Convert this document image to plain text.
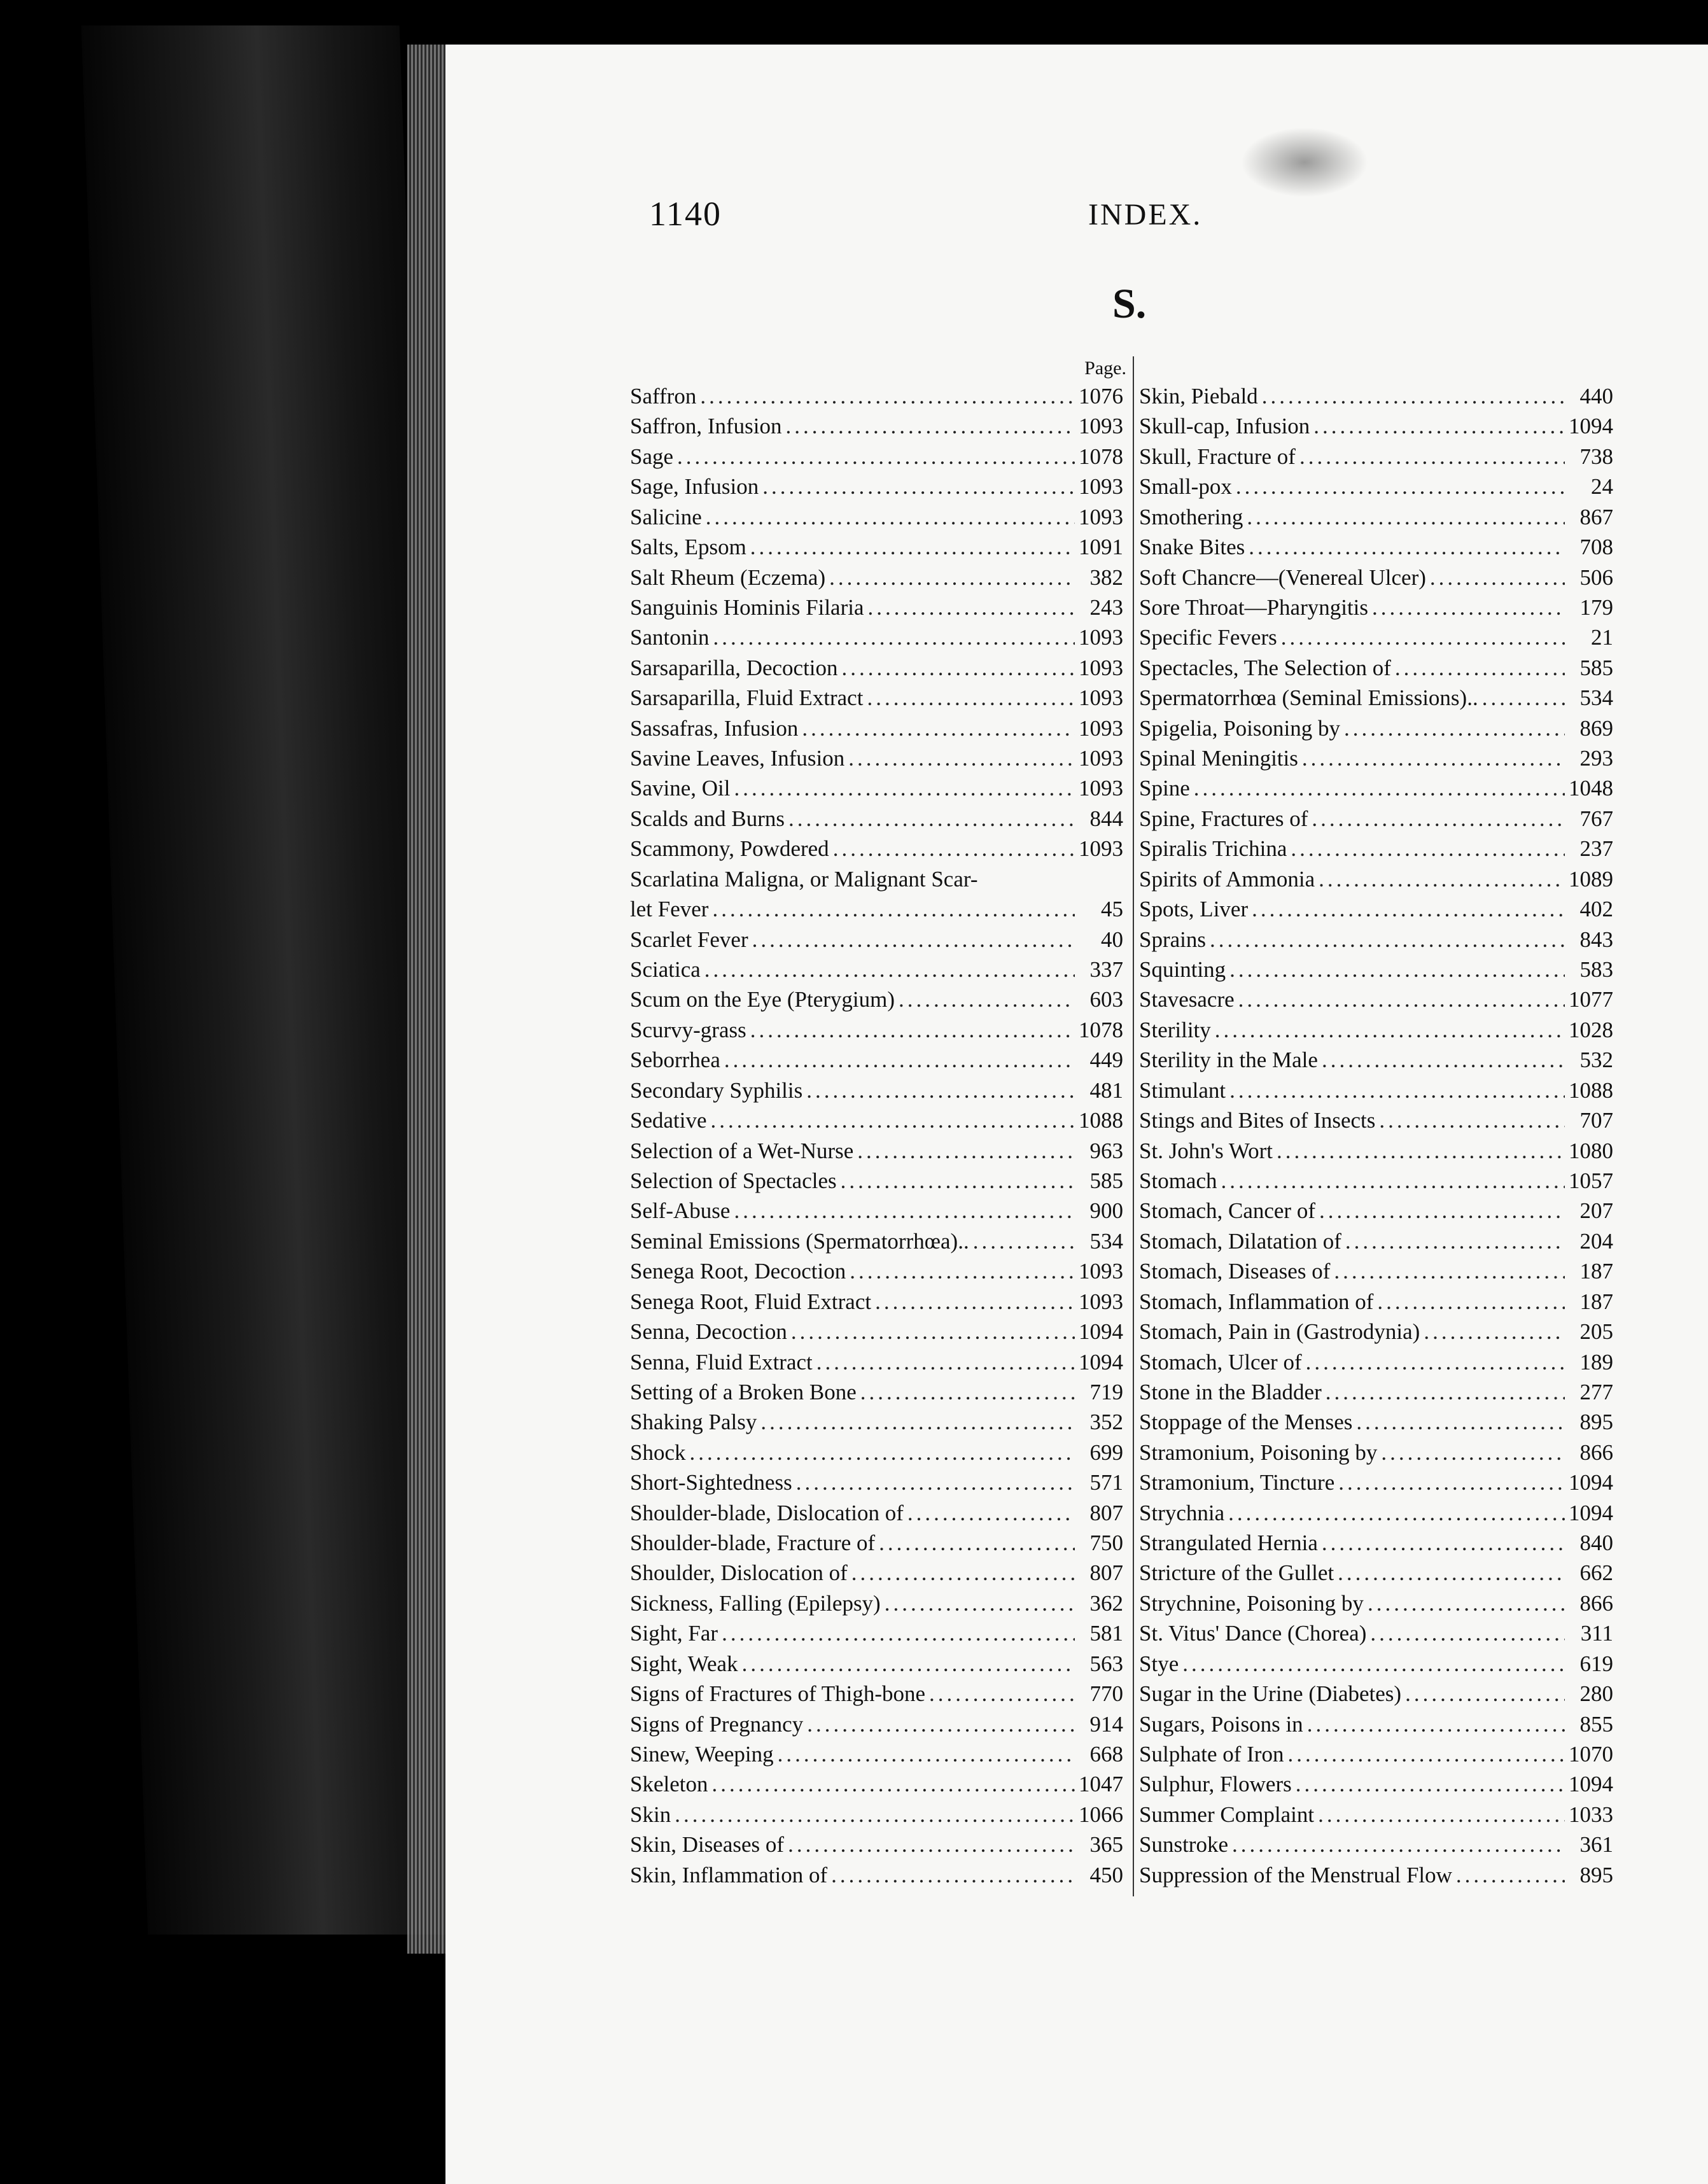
1140	INDEX.
S.
Page.
Saffron .....	1076
Saffron, Infusion .....	1093
Sage .....	1078
Sage, Infusion .....	1093
Salicine .....	1093
Salts, Epsom .....	1091
Salt Rheum (Eczema) .....	382
Sanguinis Hominis Filaria .....	243
Santonin .....	1093
Sarsaparilla, Decoction .....	1093
Sarsaparilla, Fluid Extract .....	1093
Sassafras, Infusion .....	1093
Savine Leaves, Infusion .....	1093
Savine, Oil .....	1093
Scalds and Burns .....	844
Scammony, Powdered .....	1093
Scarlatina Maligna, or Malignant Scar-
let Fever .....	45
Scarlet Fever .....	40
Sciatica .....	337
Scum on the Eye (Pterygium) .....	603
Scurvy-grass .....	1078
Seborrhea .....	449
Secondary Syphilis .....	481
Sedative .....	1088
Selection of a Wet-Nurse .....	963
Selection of Spectacles .....	585
Self-Abuse .....	900
Seminal Emissions (Spermatorrhœa).. .....	534
Senega Root, Decoction .....	1093
Senega Root, Fluid Extract .....	1093
Senna, Decoction .....	1094
Senna, Fluid Extract .....	1094
Setting of a Broken Bone .....	719
Shaking Palsy .....	352
Shock .....	699
Short-Sightedness .....	571
Shoulder-blade, Dislocation of .....	807
Shoulder-blade, Fracture of .....	750
Shoulder, Dislocation of .....	807
Sickness, Falling (Epilepsy) .....	362
Sight, Far .....	581
Sight, Weak .....	563
Signs of Fractures of Thigh-bone .....	770
Signs of Pregnancy .....	914
Sinew, Weeping .....	668
Skeleton .....	1047
Skin .....	1066
Skin, Diseases of .....	365
Skin, Inflammation of .....	450
Skin, Piebald .....	440
Skull-cap, Infusion .....	1094
Skull, Fracture of .....	738
Small-pox .....	24
Smothering .....	867
Snake Bites .....	708
Soft Chancre—(Venereal Ulcer) .....	506
Sore Throat—Pharyngitis .....	179
Specific Fevers .....	21
Spectacles, The Selection of .....	585
Spermatorrhœa (Seminal Emissions).. .....	534
Spigelia, Poisoning by .....	869
Spinal Meningitis .....	293
Spine .....	1048
Spine, Fractures of .....	767
Spiralis Trichina .....	237
Spirits of Ammonia .....	1089
Spots, Liver .....	402
Sprains .....	843
Squinting .....	583
Stavesacre .....	1077
Sterility .....	1028
Sterility in the Male .....	532
Stimulant .....	1088
Stings and Bites of Insects .....	707
St. John's Wort .....	1080
Stomach .....	1057
Stomach, Cancer of .....	207
Stomach, Dilatation of .....	204
Stomach, Diseases of .....	187
Stomach, Inflammation of .....	187
Stomach, Pain in (Gastrodynia) .....	205
Stomach, Ulcer of .....	189
Stone in the Bladder .....	277
Stoppage of the Menses .....	895
Stramonium, Poisoning by .....	866
Stramonium, Tincture .....	1094
Strychnia .....	1094
Strangulated Hernia .....	840
Stricture of the Gullet .....	662
Strychnine, Poisoning by .....	866
St. Vitus' Dance (Chorea) .....	311
Stye .....	619
Sugar in the Urine (Diabetes) .....	280
Sugars, Poisons in .....	855
Sulphate of Iron .....	1070
Sulphur, Flowers .....	1094
Summer Complaint .....	1033
Sunstroke .....	361
Suppression of the Menstrual Flow .....	895
